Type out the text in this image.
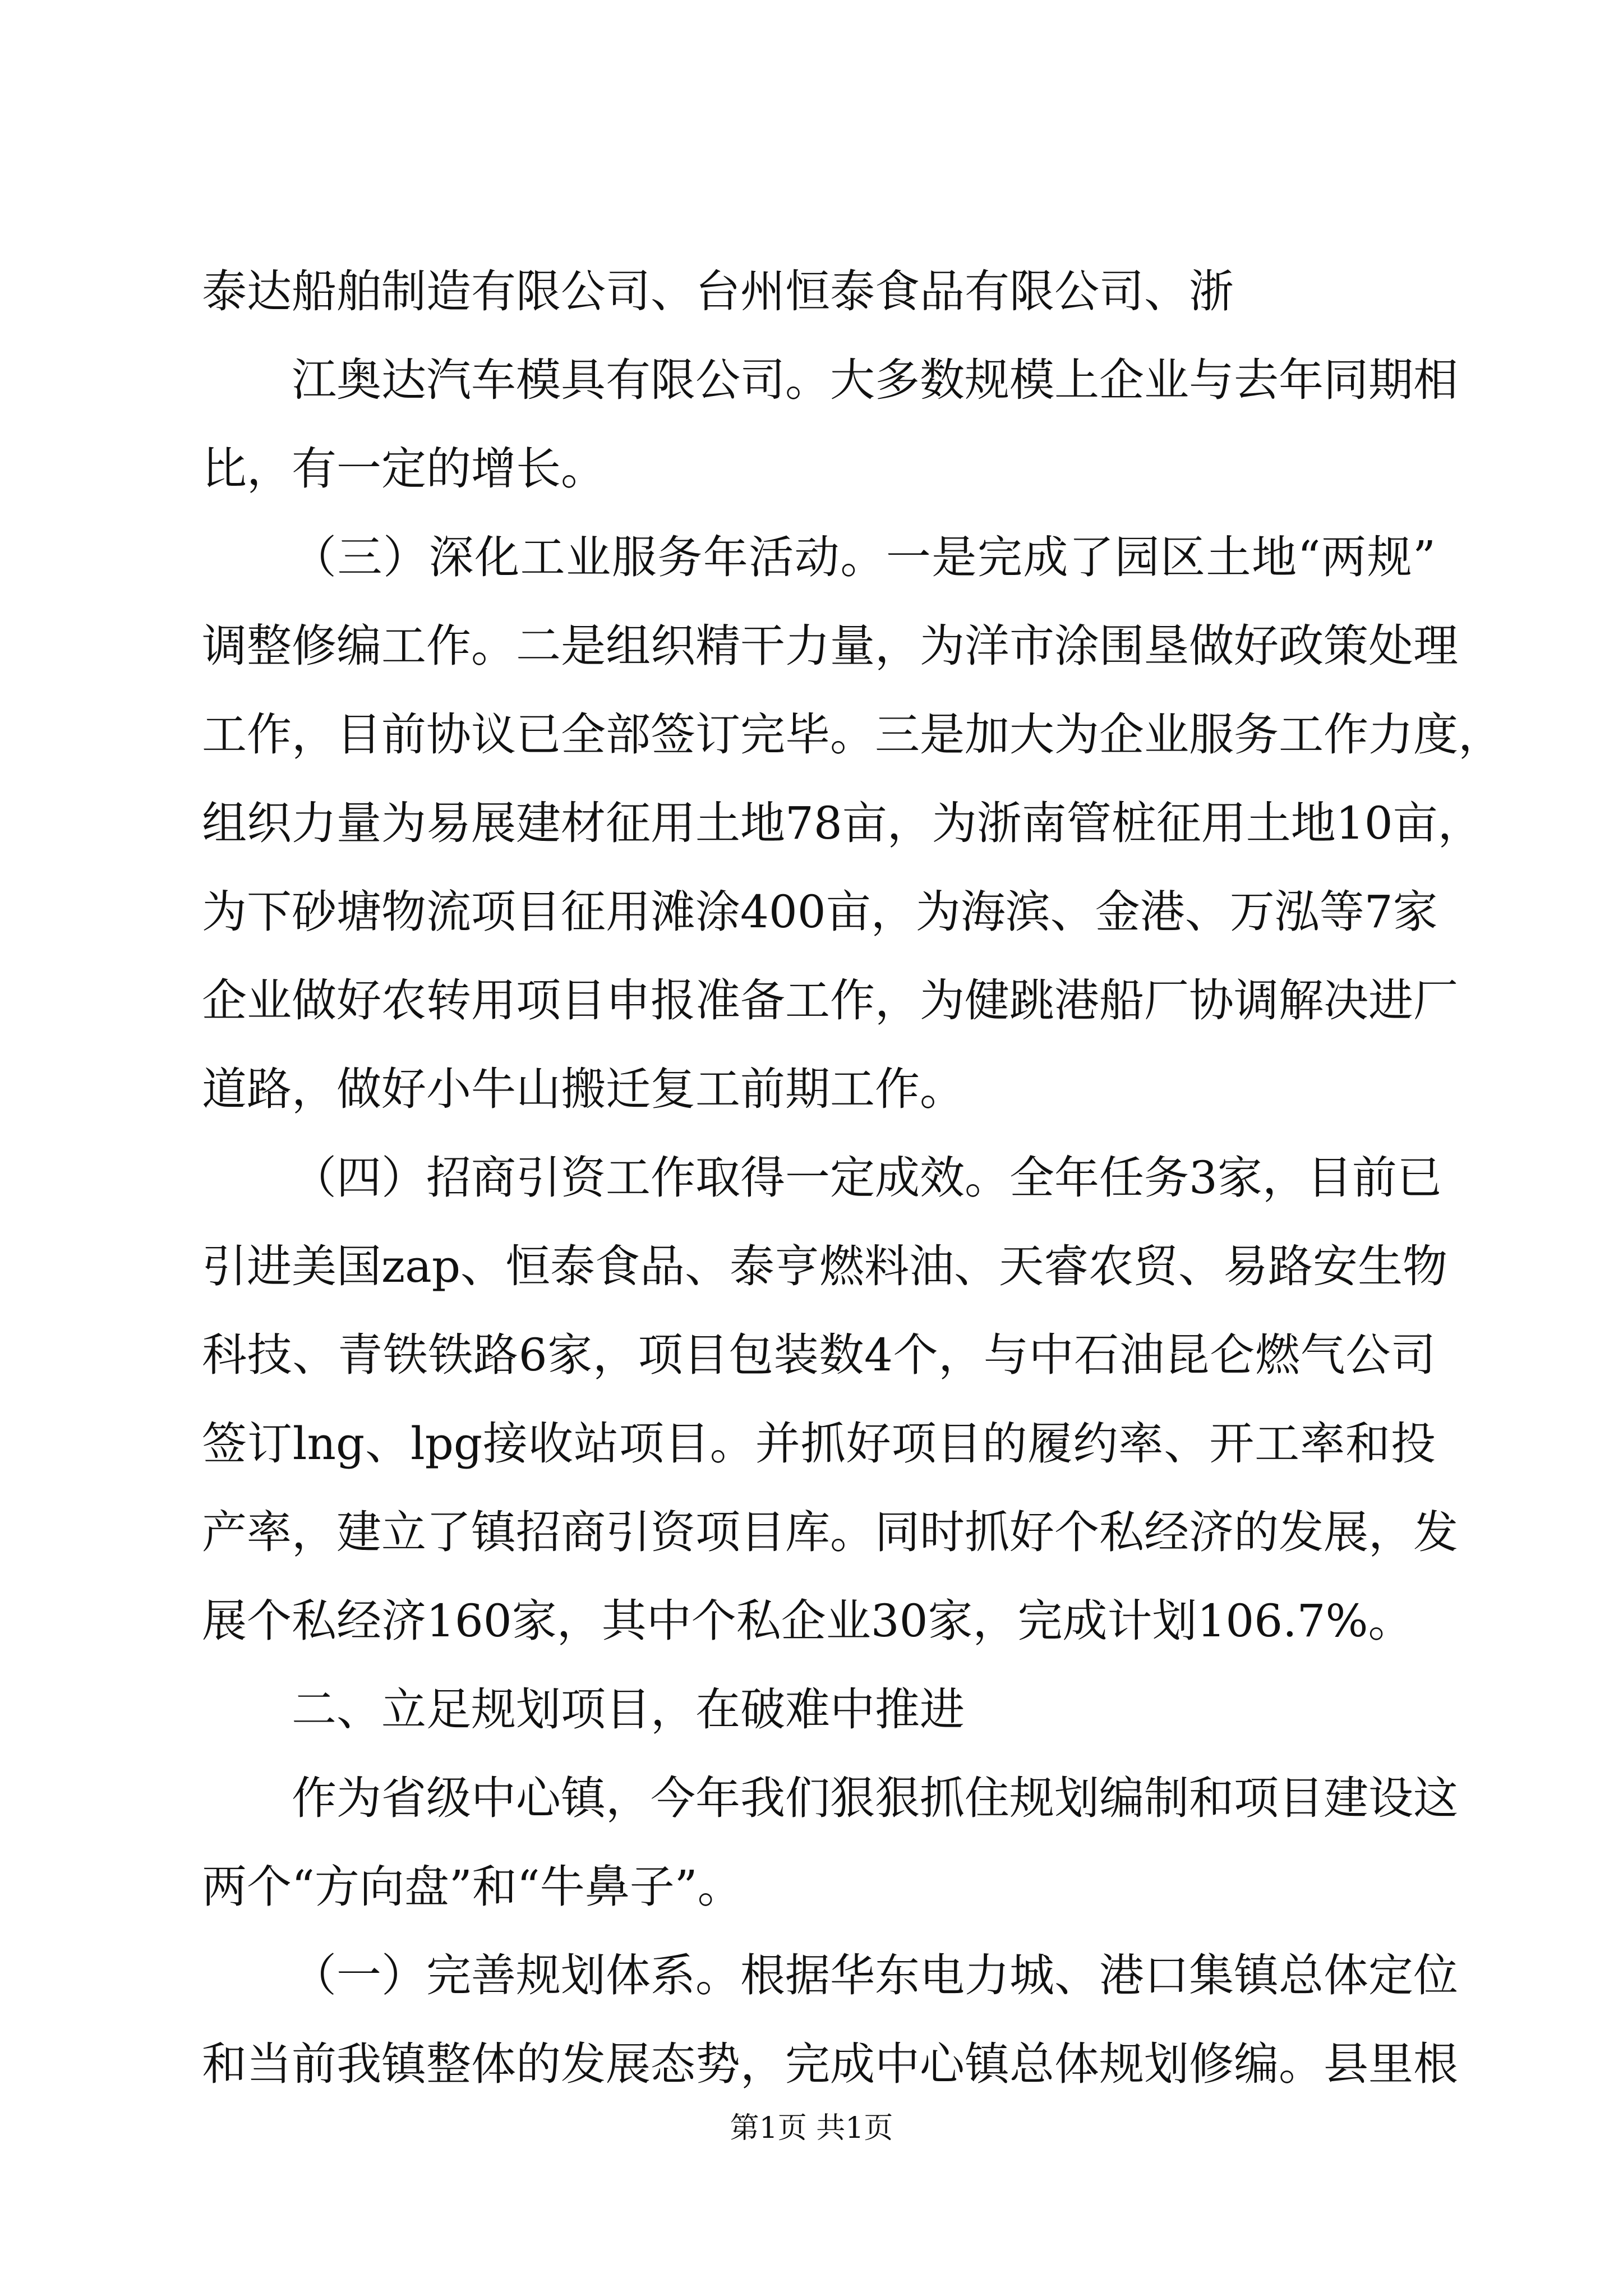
泰达船舶制造有限公司、台州恒泰食品有限公司、浙
江奥达汽车模具有限公司。大多数规模上企业与去年同期相
比，有一定的增长。
（三）深化工业服务年活动。一是完成了园区土地“两规”
调整修编工作。二是组织精干力量，为洋市涂围垦做好政策处理
工作，目前协议已全部签订完毕。三是加大为企业服务工作力度，
组织力量为易展建材征用土地78亩，为浙南管桩征用土地10亩，
为下砂塘物流项目征用滩涂400亩，为海滨、金港、万泓等7家
企业做好农转用项目申报准备工作，为健跳港船厂协调解决进厂
道路，做好小牛山搬迁复工前期工作。
（四）招商引资工作取得一定成效。全年任务3家，目前已
引进美国zap、恒泰食品、泰亨燃料油、天睿农贸、易路安生物
科技、青铁铁路6家，项目包装数4个，与中石油昆仑燃气公司
签订lng、lpg接收站项目。并抓好项目的履约率、开工率和投
产率，建立了镇招商引资项目库。同时抓好个私经济的发展，发
展个私经济160家，其中个私企业30家，完成计划106.7%。
二、立足规划项目，在破难中推进
作为省级中心镇，今年我们狠狠抓住规划编制和项目建设这
两个“方向盘”和“牛鼻子”。
（一）完善规划体系。根据华东电力城、港口集镇总体定位
和当前我镇整体的发展态势，完成中心镇总体规划修编。县里根
第1页 共1页
